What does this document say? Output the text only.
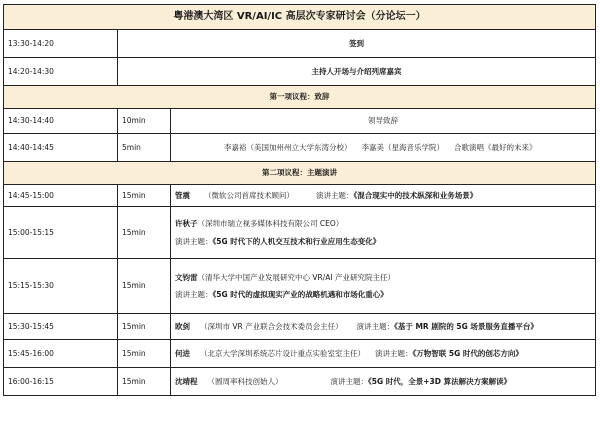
粤港澳大湾区 VR/AI/IC 高层次专家研讨会（分论坛一）		
13:30-14:20	签到	
14:20-14:30	主持人开场与介绍列席嘉宾	
第一项议程：致辞		
14:30-14:40	10min	领导致辞
14:40-14:45	5min	李嘉裕（美国加州州立大学东湾分校） 李嘉美（星海音乐学院） 合歌演唱《最好的未来》
第二项议程：主题演讲		
14:45-15:00	15min	管震 （微软公司首席技术顾问） 演讲主题：《混合现实中的技术纵深和业务场景》
15:00-15:15	15min	许秋子（深圳市瑞立视多媒体科技有限公司 CEO）
演讲主题：《5G 时代下的人机交互技术和行业应用生态变化》

15:15-15:30	15min	文钧雷（清华大学中国产业发展研究中心 VR/AI 产业研究院主任）
演讲主题：《5G 时代的虚拟现实产业的战略机遇和市场化重心》

15:30-15:45	15min	欧剑 （深圳市 VR 产业联合会技术委员会主任） 演讲主题：《基于 MR 剧院的 5G 场景服务直播平台》
15:45-16:00	15min	何进 （北京大学深圳系统芯片设计重点实验室室主任） 演讲主题：《万物智联 5G 时代的创芯方向》
16:00-16:15	15min	沈靖程 （圆周率科技创始人） 演讲主题：《5G 时代，全景+3D 算法解决方案解读》
